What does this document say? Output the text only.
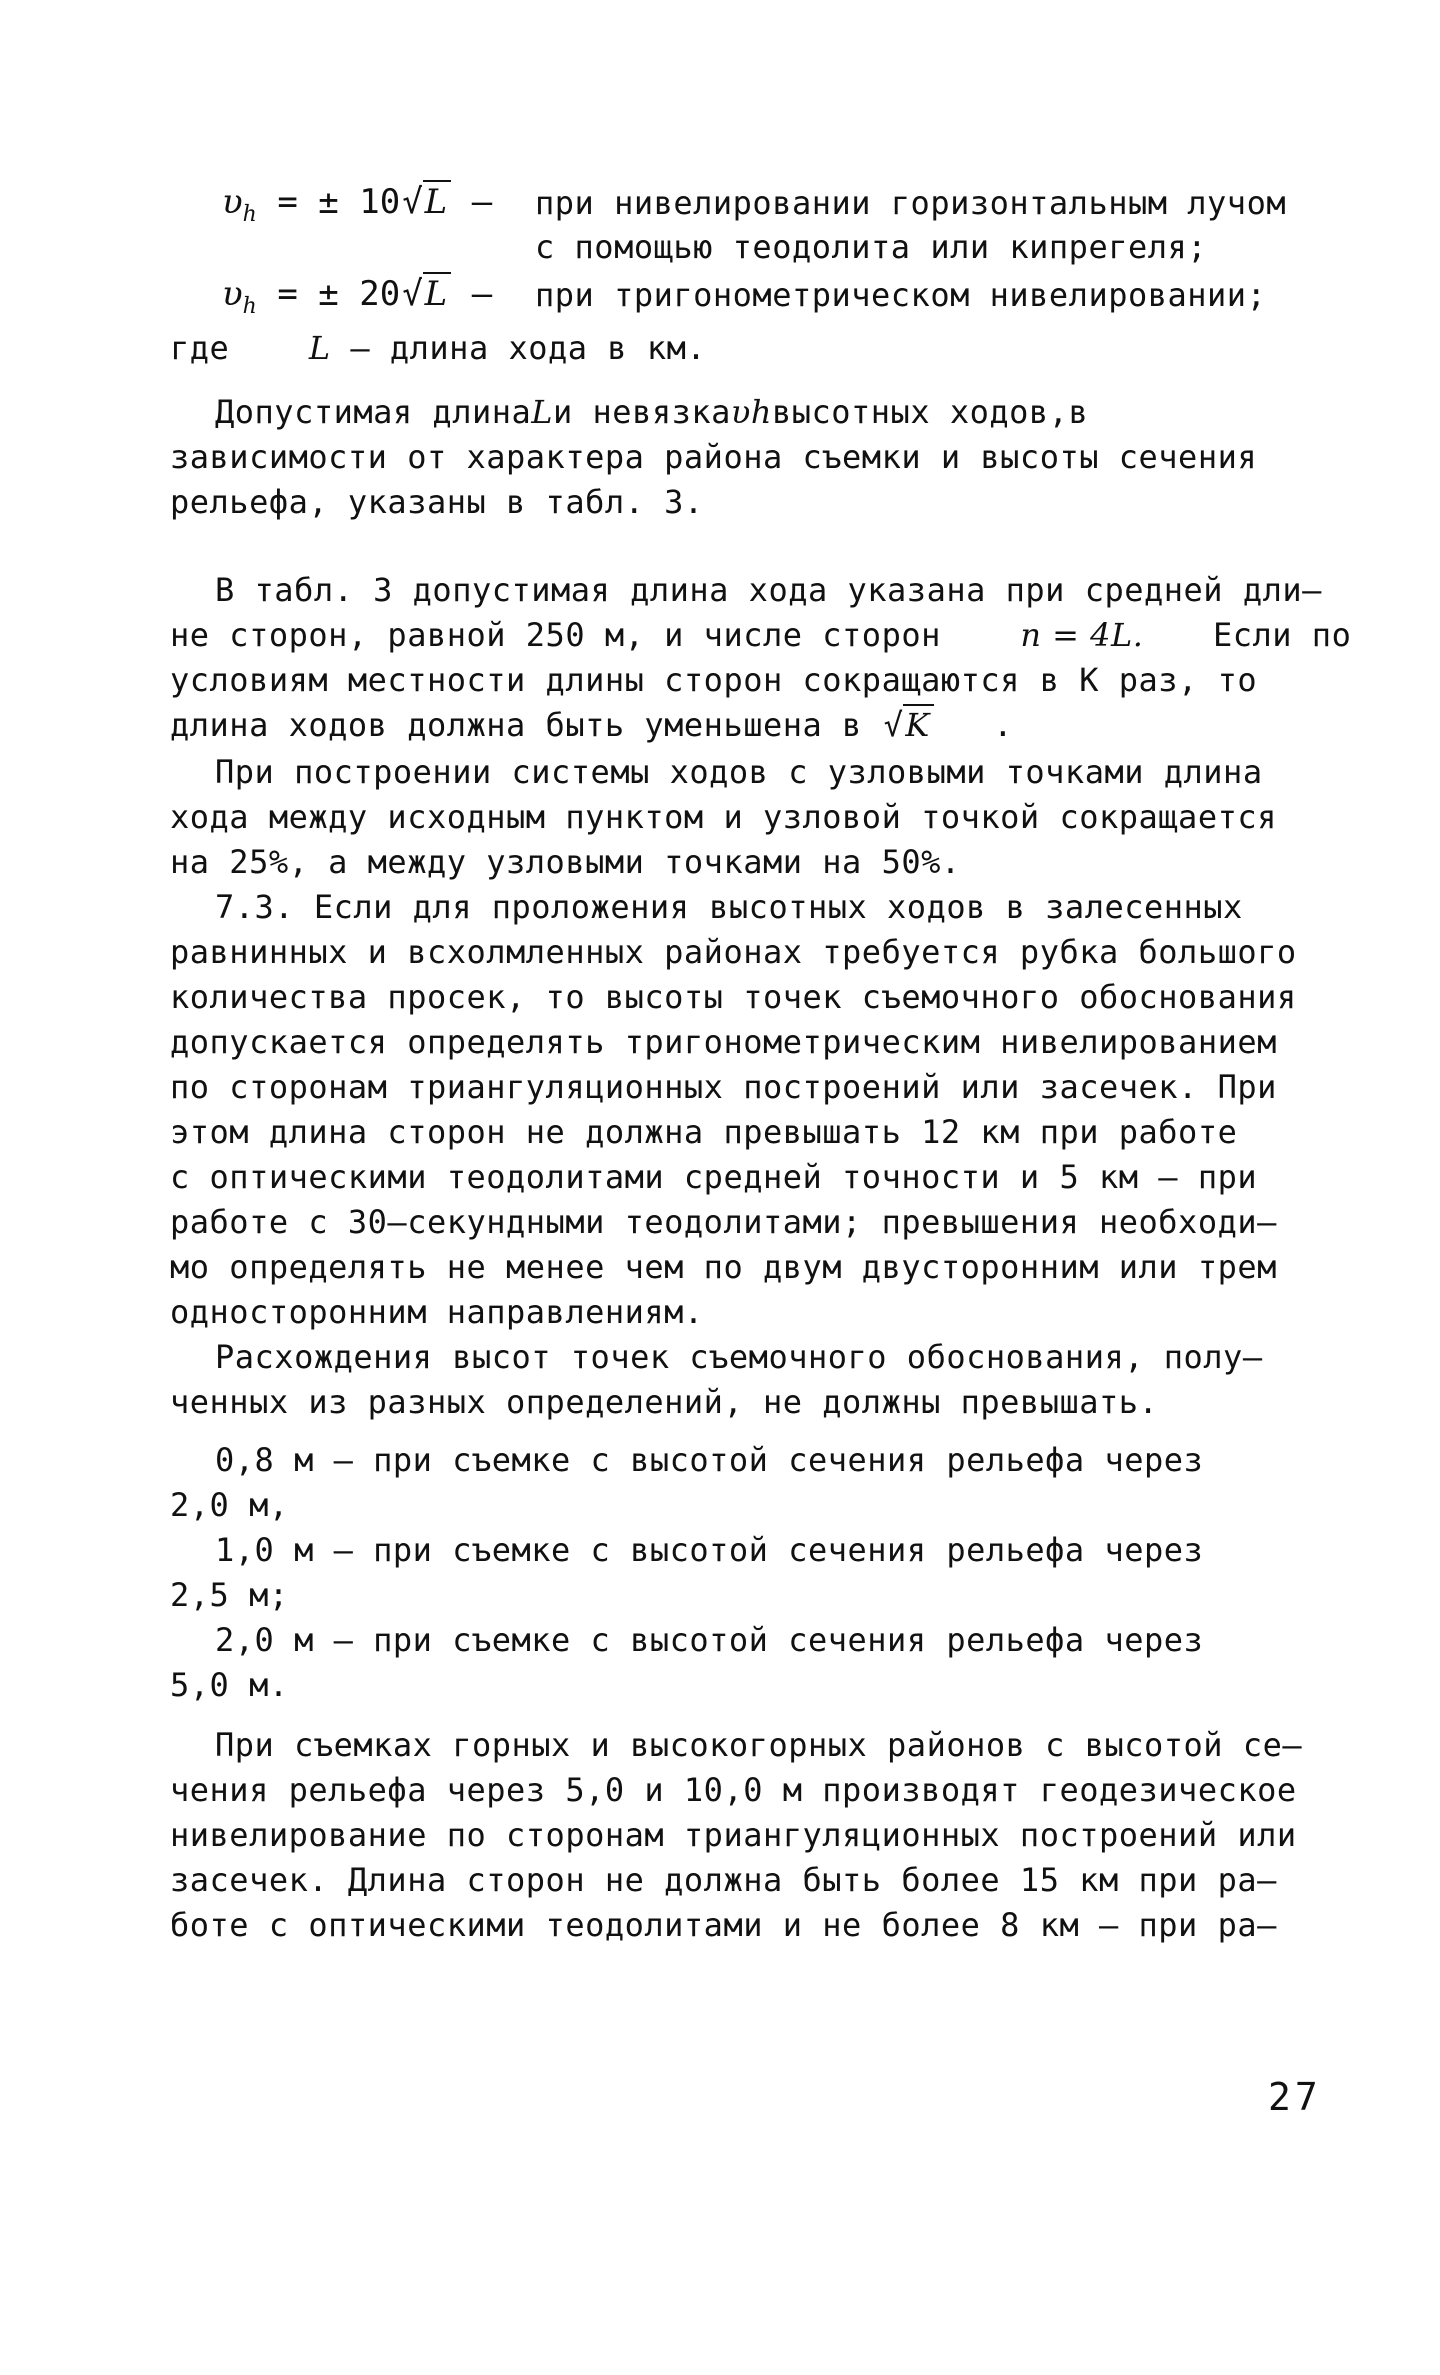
$\upsilon_h$ = ± 10√L – при нивелировании горизонтальным лучом
с помощью теодолита или кипрегеля;
$\upsilon_h$ = ± 20√L – при тригонометрическом нивелировании;
где L – длина хода в км.
Допустимая длина L и невязка υh высотных ходов, в
зависимости от характера района съемки и высоты сечения
рельефа, указаны в табл. 3.
В табл. 3 допустимая длина хода указана при средней дли–
не сторон, равной 250 м, и числе сторон n = 4L. Если по
условиям местности длины сторон сокращаются в К раз, то
длина ходов должна быть уменьшена в √K .
При построении системы ходов с узловыми точками длина
хода между исходным пунктом и узловой точкой сокращается
на 25%, а между узловыми точками на 50%.
7.3. Если для проложения высотных ходов в залесенных
равнинных и всхолмленных районах требуется рубка большого
количества просек, то высоты точек съемочного обоснования
допускается определять тригонометрическим нивелированием
по сторонам триангуляционных построений или засечек. При
этом длина сторон не должна превышать 12 км при работе
с оптическими теодолитами средней точности и 5 км – при
работе с 30–секундными теодолитами; превышения необходи–
мо определять не менее чем по двум двусторонним или трем
односторонним направлениям.
Расхождения высот точек съемочного обоснования, полу–
ченных из разных определений, не должны превышать.
0,8 м – при съемке с высотой сечения рельефа через
2,0 м,
1,0 м – при съемке с высотой сечения рельефа через
2,5 м;
2,0 м – при съемке с высотой сечения рельефа через
5,0 м.
При съемках горных и высокогорных районов с высотой се–
чения рельефа через 5,0 и 10,0 м производят геодезическое
нивелирование по сторонам триангуляционных построений или
засечек. Длина сторон не должна быть более 15 км при ра–
боте с оптическими теодолитами и не более 8 км – при ра–
27
